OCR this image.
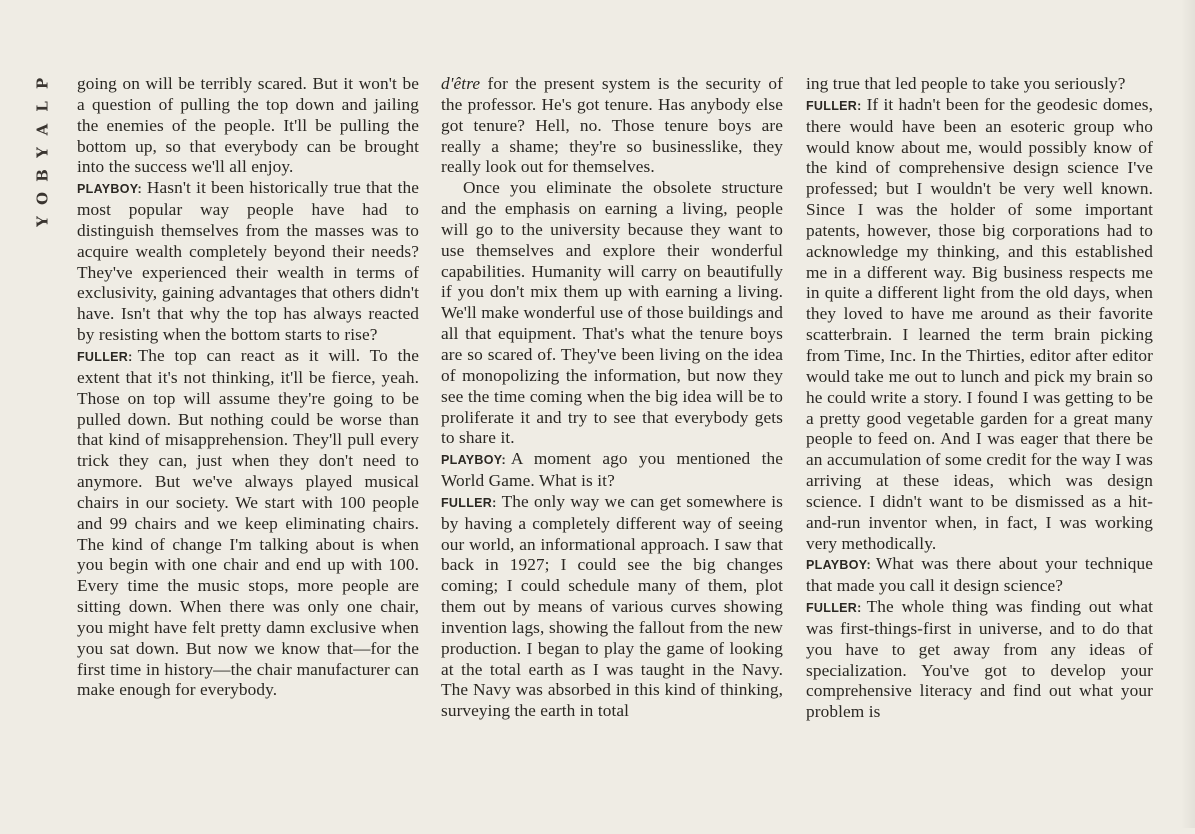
P
L
A
Y
B
O
Y

going on will be terribly scared. But it won't be a question of pulling the top down and jailing the enemies of the people. It'll be pulling the bottom up, so that everybody can be brought into the success we'll all enjoy.

PLAYBOY: Hasn't it been historically true that the most popular way people have had to distinguish themselves from the masses was to acquire wealth completely beyond their needs? They've experienced their wealth in terms of exclusivity, gaining advantages that others didn't have. Isn't that why the top has always reacted by resisting when the bottom starts to rise?

FULLER: The top can react as it will. To the extent that it's not thinking, it'll be fierce, yeah. Those on top will assume they're going to be pulled down. But nothing could be worse than that kind of misapprehension. They'll pull every trick they can, just when they don't need to anymore. But we've always played musical chairs in our society. We start with 100 people and 99 chairs and we keep eliminating chairs. The kind of change I'm talking about is when you begin with one chair and end up with 100. Every time the music stops, more people are sitting down. When there was only one chair, you might have felt pretty damn exclusive when you sat down. But now we know that—for the first time in history—the chair manufacturer can make enough for everybody.

d'être for the present system is the security of the professor. He's got tenure. Has anybody else got tenure? Hell, no. Those tenure boys are really a shame; they're so businesslike, they really look out for themselves.

Once you eliminate the obsolete structure and the emphasis on earning a living, people will go to the university because they want to use themselves and explore their wonderful capabilities. Humanity will carry on beautifully if you don't mix them up with earning a living. We'll make wonderful use of those buildings and all that equipment. That's what the tenure boys are so scared of. They've been living on the idea of monopolizing the information, but now they see the time coming when the big idea will be to proliferate it and try to see that everybody gets to share it.

PLAYBOY: A moment ago you mentioned the World Game. What is it?

FULLER: The only way we can get somewhere is by having a completely different way of seeing our world, an informational approach. I saw that back in 1927; I could see the big changes coming; I could schedule many of them, plot them out by means of various curves showing invention lags, showing the fallout from the new production. I began to play the game of looking at the total earth as I was taught in the Navy. The Navy was absorbed in this kind of thinking, surveying the earth in total

ing true that led people to take you seriously?

FULLER: If it hadn't been for the geodesic domes, there would have been an esoteric group who would know about me, would possibly know of the kind of comprehensive design science I've professed; but I wouldn't be very well known. Since I was the holder of some important patents, however, those big corporations had to acknowledge my thinking, and this established me in a different way. Big business respects me in quite a different light from the old days, when they loved to have me around as their favorite scatterbrain. I learned the term brain picking from Time, Inc. In the Thirties, editor after editor would take me out to lunch and pick my brain so he could write a story. I found I was getting to be a pretty good vegetable garden for a great many people to feed on. And I was eager that there be an accumulation of some credit for the way I was arriving at these ideas, which was design science. I didn't want to be dismissed as a hit-and-run inventor when, in fact, I was working very methodically.

PLAYBOY: What was there about your technique that made you call it design science?

FULLER: The whole thing was finding out what was first-things-first in universe, and to do that you have to get away from any ideas of specialization. You've got to develop your comprehensive literacy and find out what your problem is
